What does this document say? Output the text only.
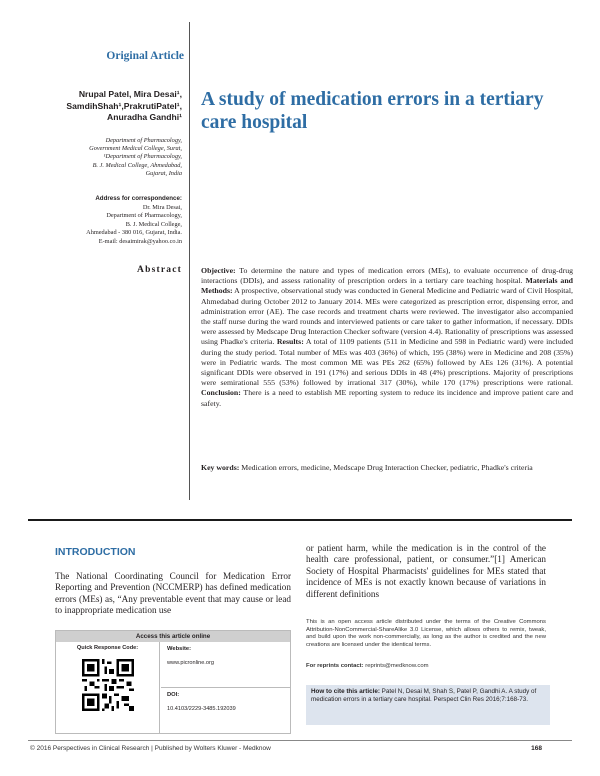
Original Article
Nrupal Patel, Mira Desai¹,
SamdihShah¹,PrakrutiPatel¹,
Anuradha Gandhi¹
Department of Pharmacology,
Government Medical College, Surat,
¹Department of Pharmacology,
B. J. Medical College, Ahmedabad,
Gujarat, India
Address for correspondence:
Dr. Mira Desai,
Department of Pharmacology,
B. J. Medical College,
Ahmedabad - 380 016, Gujarat, India.
E-mail: desaimirak@yahoo.co.in
A study of medication errors in a tertiary care hospital
Abstract Objective: To determine the nature and types of medication errors (MEs), to evaluate occurrence of drug-drug interactions (DDIs), and assess rationality of prescription orders in a tertiary care teaching hospital. Materials and Methods: A prospective, observational study was conducted in General Medicine and Pediatric ward of Civil Hospital, Ahmedabad during October 2012 to January 2014. MEs were categorized as prescription error, dispensing error, and administration error (AE). The case records and treatment charts were reviewed. The investigator also accompanied the staff nurse during the ward rounds and interviewed patients or care taker to gather information, if necessary. DDIs were assessed by Medscape Drug Interaction Checker software (version 4.4). Rationality of prescriptions was assessed using Phadke's criteria. Results: A total of 1109 patients (511 in Medicine and 598 in Pediatric ward) were included during the study period. Total number of MEs was 403 (36%) of which, 195 (38%) were in Medicine and 208 (35%) were in Pediatric wards. The most common ME was PEs 262 (65%) followed by AEs 126 (31%). A potential significant DDIs were observed in 191 (17%) and serious DDIs in 48 (4%) prescriptions. Majority of prescriptions were semirational 555 (53%) followed by irrational 317 (30%), while 170 (17%) prescriptions were rational. Conclusion: There is a need to establish ME reporting system to reduce its incidence and improve patient care and safety.
Key words: Medication errors, medicine, Medscape Drug Interaction Checker, pediatric, Phadke's criteria
INTRODUCTION
The National Coordinating Council for Medication Error Reporting and Prevention (NCCMERP) has defined medication errors (MEs) as, “Any preventable event that may cause or lead to inappropriate medication use
or patient harm, while the medication is in the control of the health care professional, patient, or consumer.”[1] American Society of Hospital Pharmacists' guidelines for MEs stated that incidence of MEs is not exactly known because of variations in different definitions
Access this article online
Quick Response Code:	Website:
www.picronline.org
DOI:
10.4103/2229-3485.192039
This is an open access article distributed under the terms of the Creative Commons Attribution-NonCommercial-ShareAlike 3.0 License, which allows others to remix, tweak, and build upon the work non-commercially, as long as the author is credited and the new creations are licensed under the identical terms.
For reprints contact: reprints@medknow.com
How to cite this article: Patel N, Desai M, Shah S, Patel P, Gandhi A. A study of medication errors in a tertiary care hospital. Perspect Clin Res 2016;7:168-73.
© 2016 Perspectives in Clinical Research | Published by Wolters Kluwer - Medknow	168
